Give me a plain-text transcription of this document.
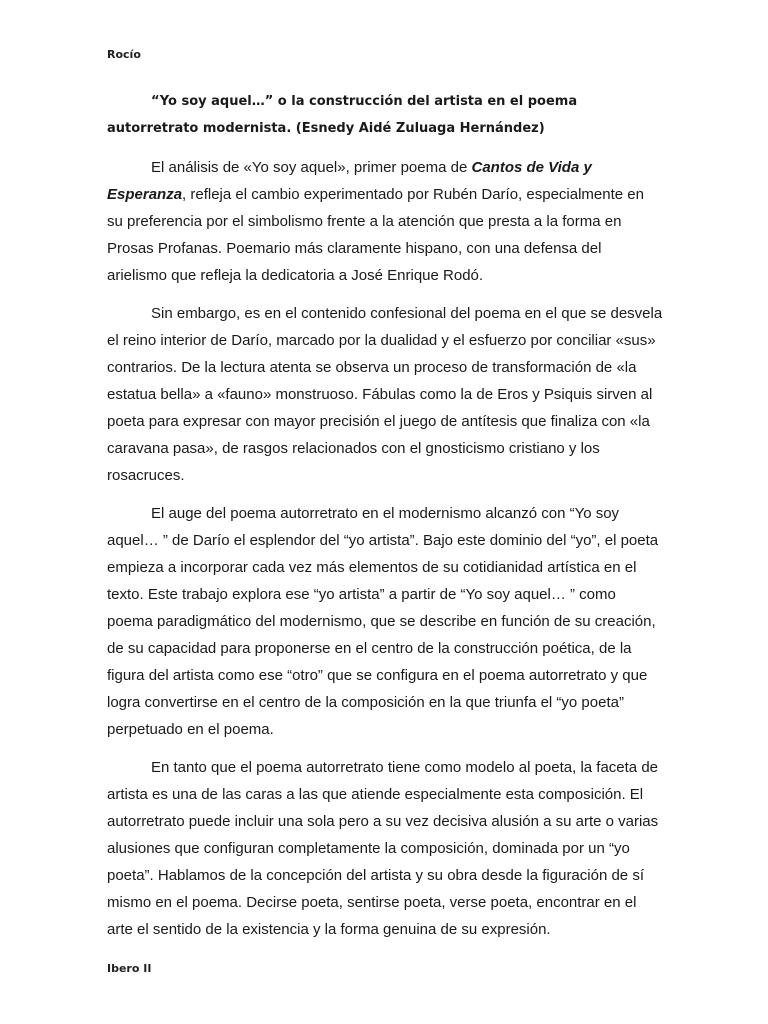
Rocío

“Yo soy aquel…” o la construcción del artista en el poema autorretrato modernista. (Esnedy Aidé Zuluaga Hernández)

El análisis de «Yo soy aquel», primer poema de Cantos de Vida y Esperanza, refleja el cambio experimentado por Rubén Darío, especialmente en su preferencia por el simbolismo frente a la atención que presta a la forma en Prosas Profanas. Poemario más claramente hispano, con una defensa del arielismo que refleja la dedicatoria a José Enrique Rodó.

Sin embargo, es en el contenido confesional del poema en el que se desvela el reino interior de Darío, marcado por la dualidad y el esfuerzo por conciliar «sus» contrarios. De la lectura atenta se observa un proceso de transformación de «la estatua bella» a «fauno» monstruoso. Fábulas como la de Eros y Psiquis sirven al poeta para expresar con mayor precisión el juego de antítesis que finaliza con «la caravana pasa», de rasgos relacionados con el gnosticismo cristiano y los rosacruces.

El auge del poema autorretrato en el modernismo alcanzó con “Yo soy aquel… ” de Darío el esplendor del “yo artista”. Bajo este dominio del “yo”, el poeta empieza a incorporar cada vez más elementos de su cotidianidad artística en el texto. Este trabajo explora ese “yo artista” a partir de “Yo soy aquel… ” como poema paradigmático del modernismo, que se describe en función de su creación, de su capacidad para proponerse en el centro de la construcción poética, de la figura del artista como ese “otro” que se configura en el poema autorretrato y que logra convertirse en el centro de la composición en la que triunfa el “yo poeta” perpetuado en el poema.

En tanto que el poema autorretrato tiene como modelo al poeta, la faceta de artista es una de las caras a las que atiende especialmente esta composición. El autorretrato puede incluir una sola pero a su vez decisiva alusión a su arte o varias alusiones que configuran completamente la composición, dominada por un “yo poeta”. Hablamos de la concepción del artista y su obra desde la figuración de sí mismo en el poema. Decirse poeta, sentirse poeta, verse poeta, encontrar en el arte el sentido de la existencia y la forma genuina de su expresión.

Ibero II
